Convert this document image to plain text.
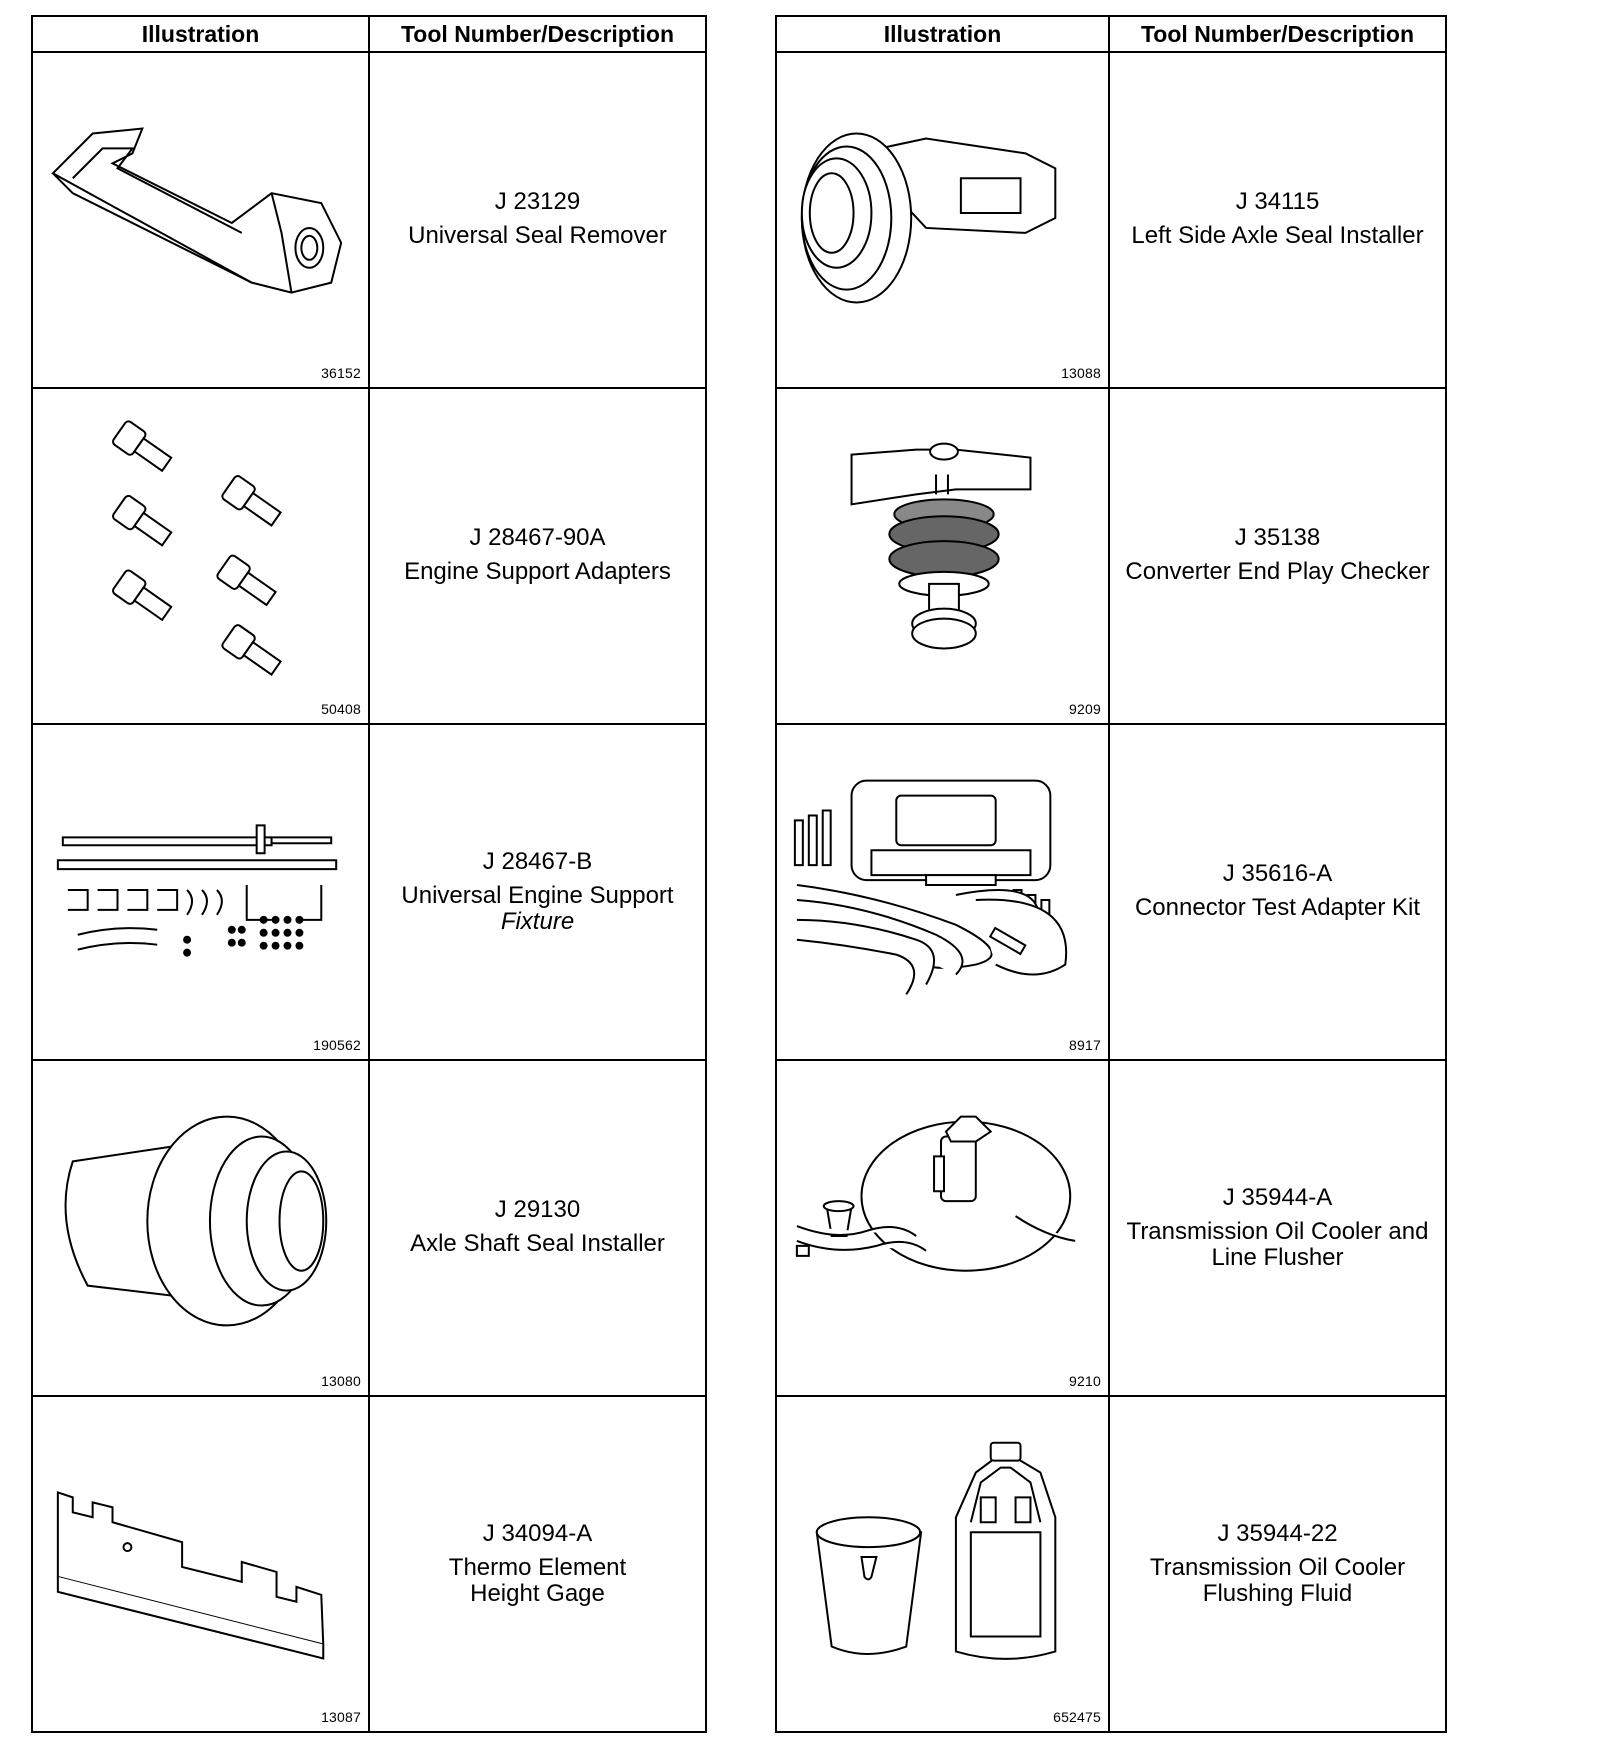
Illustration	Tool Number/Description

36152	J 23129
Universal Seal Remover

50408	J 28467-90A
Engine Support Adapters

190562	J 28467-B
Universal Engine Support
Fixture

13080	J 29130
Axle Shaft Seal Installer

13087	J 34094-A
Thermo Element
Height Gage
Illustration	Tool Number/Description

13088	J 34115
Left Side Axle Seal Installer

9209	J 35138
Converter End Play Checker

8917	J 35616-A
Connector Test Adapter Kit

9210	J 35944-A
Transmission Oil Cooler and
Line Flusher

652475	J 35944-22
Transmission Oil Cooler
Flushing Fluid
